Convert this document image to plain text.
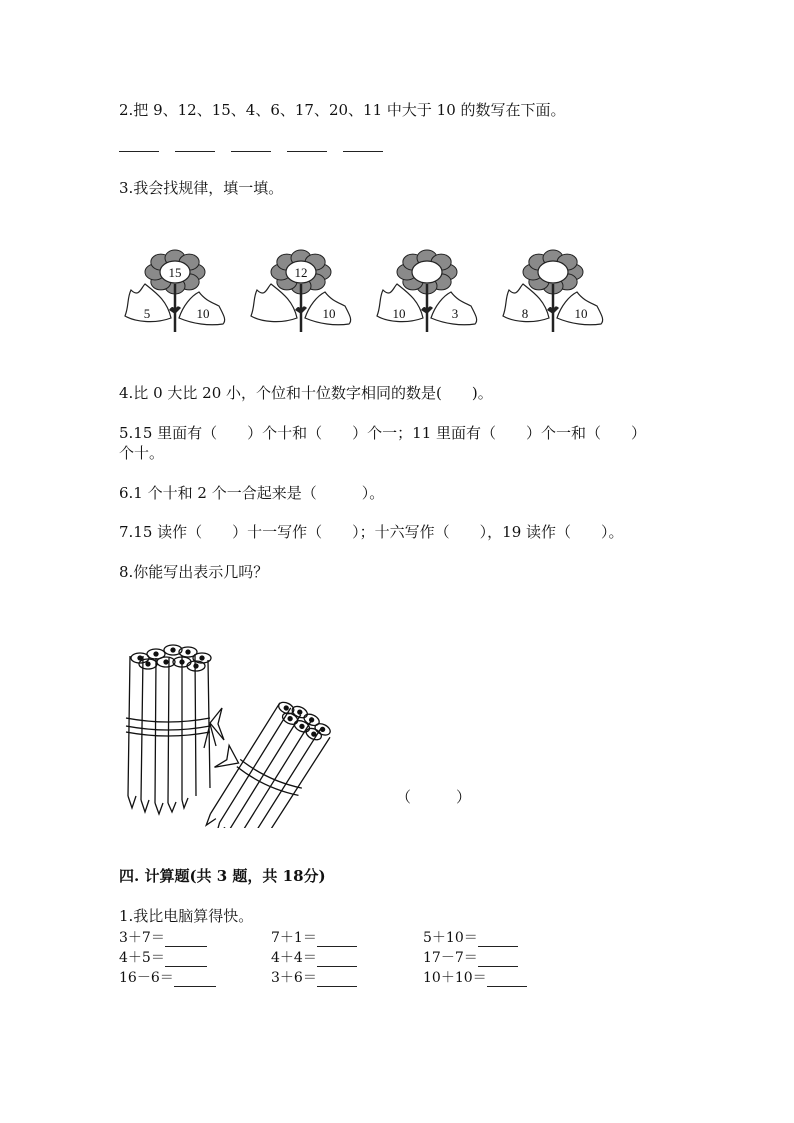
2.把 9、12、15、4、6、17、20、11 中大于 10 的数写在下面。
3.我会找规律，填一填。
15
5	10
12
10	10	3	8	10
4.比 0 大比 20 小，个位和十位数字相同的数是(　　)。
5.15 里面有（　　）个十和（　　）个一；11 里面有（　　）个一和（　　）
个十。
6.1 个十和 2 个一合起来是（　　　）。
7.15 读作（　　）十一写作（　　）；十六写作（　　），19 读作（　　）。
8.你能写出表示几吗？
（　　　）
四. 计算题(共 3 题，共 18分)
1.我比电脑算得快。
3＋7＝	7＋1＝	5＋10＝
4＋5＝	4＋4＝	17－7＝
16－6＝	3＋6＝	10＋10＝
